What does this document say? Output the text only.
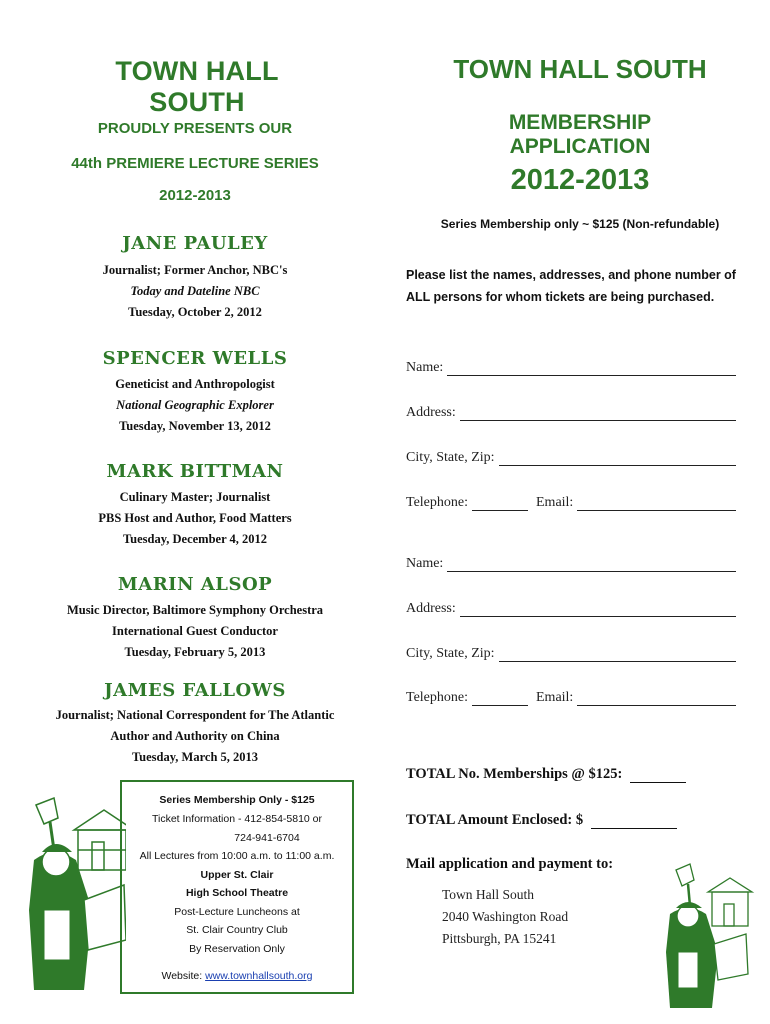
TOWN HALL SOUTH
PROUDLY PRESENTS OUR
44th PREMIERE LECTURE SERIES
2012-2013
JANE PAULEY
Journalist; Former Anchor, NBC's
Today and Dateline NBC
Tuesday, October 2, 2012
SPENCER WELLS
Geneticist and Anthropologist
National Geographic Explorer
Tuesday, November 13, 2012
MARK BITTMAN
Culinary Master; Journalist
PBS Host and Author, Food Matters
Tuesday, December 4, 2012
MARIN ALSOP
Music Director, Baltimore Symphony Orchestra
International Guest Conductor
Tuesday, February 5, 2013
JAMES FALLOWS
Journalist; National Correspondent for The Atlantic
Author and Authority on China
Tuesday, March 5, 2013
Series Membership Only - $125
Ticket Information - 412-854-5810 or
724-941-6704
All Lectures from 10:00 a.m. to 11:00 a.m.
Upper St. Clair
High School Theatre
Post-Lecture Luncheons at
St. Clair Country Club
By Reservation Only
Website: www.townhallsouth.org
TOWN HALL SOUTH
MEMBERSHIP APPLICATION
2012-2013
Series Membership only ~ $125 (Non-refundable)
Please list the names, addresses, and phone number of ALL persons for whom tickets are being purchased.
Name:
Address:
City, State, Zip:
Telephone:	Email:
Name:
Address:
City, State, Zip:
Telephone:	Email:
TOTAL No. Memberships @ $125:
TOTAL Amount Enclosed: $
Mail application and payment to:
Town Hall South
2040 Washington Road
Pittsburgh, PA 15241
